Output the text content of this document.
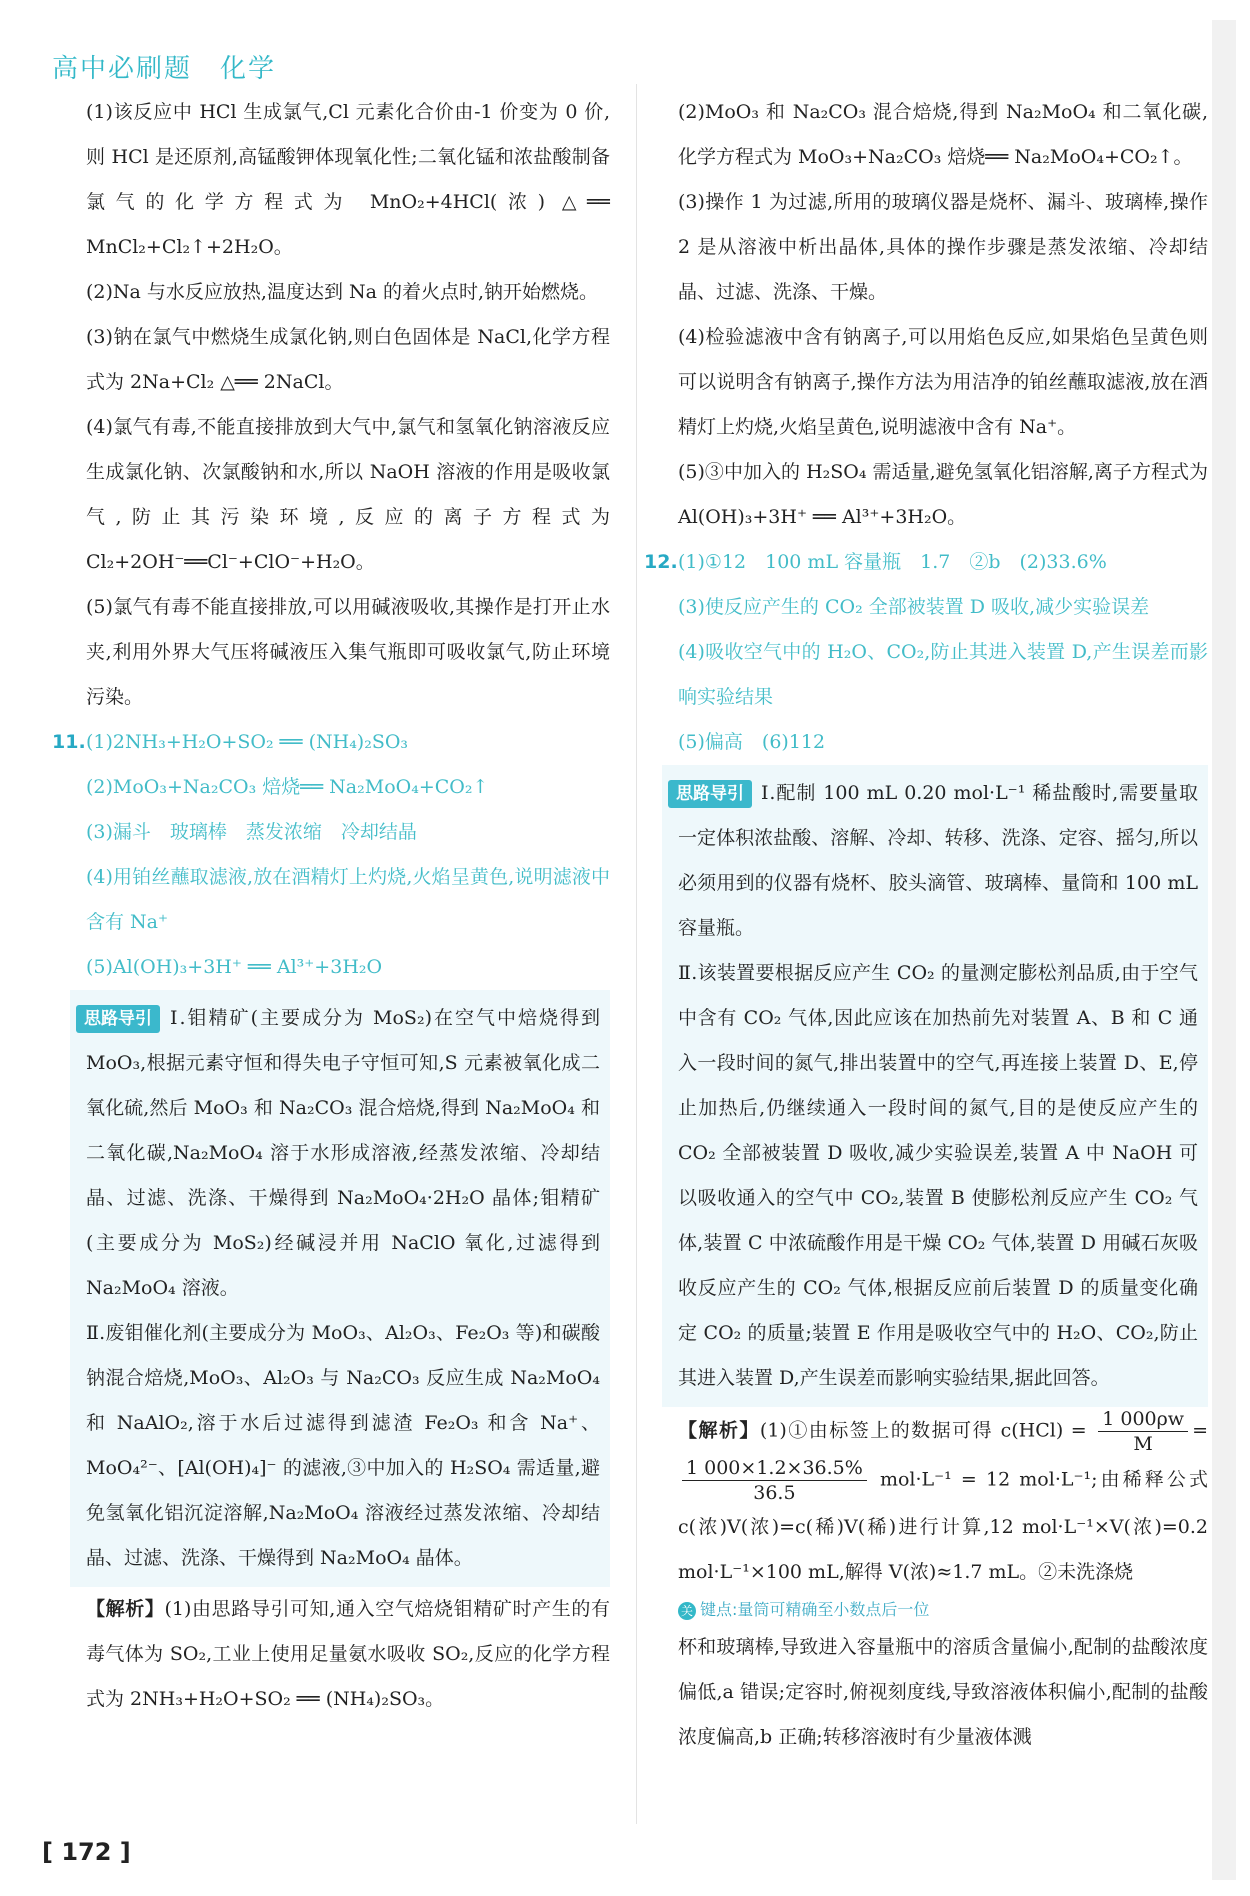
高中必刷题　化学

(1)该反应中 HCl 生成氯气,Cl 元素化合价由-1 价变为 0 价,则 HCl 是还原剂,高锰酸钾体现氧化性;二氧化锰和浓盐酸制备氯气的化学方程式为 MnO₂+4HCl(浓) △══ MnCl₂+Cl₂↑+2H₂O。

(2)Na 与水反应放热,温度达到 Na 的着火点时,钠开始燃烧。

(3)钠在氯气中燃烧生成氯化钠,则白色固体是 NaCl,化学方程式为 2Na+Cl₂ △══ 2NaCl。

(4)氯气有毒,不能直接排放到大气中,氯气和氢氧化钠溶液反应生成氯化钠、次氯酸钠和水,所以 NaOH 溶液的作用是吸收氯气,防止其污染环境,反应的离子方程式为 Cl₂+2OH⁻══Cl⁻+ClO⁻+H₂O。

(5)氯气有毒不能直接排放,可以用碱液吸收,其操作是打开止水夹,利用外界大气压将碱液压入集气瓶即可吸收氯气,防止环境污染。

11.(1)2NH₃+H₂O+SO₂ ══ (NH₄)₂SO₃

(2)MoO₃+Na₂CO₃ 焙烧══ Na₂MoO₄+CO₂↑

(3)漏斗　玻璃棒　蒸发浓缩　冷却结晶

(4)用铂丝蘸取滤液,放在酒精灯上灼烧,火焰呈黄色,说明滤液中含有 Na⁺

(5)Al(OH)₃+3H⁺ ══ Al³⁺+3H₂O

思路导引 Ⅰ.钼精矿(主要成分为 MoS₂)在空气中焙烧得到 MoO₃,根据元素守恒和得失电子守恒可知,S 元素被氧化成二氧化硫,然后 MoO₃ 和 Na₂CO₃ 混合焙烧,得到 Na₂MoO₄ 和二氧化碳,Na₂MoO₄ 溶于水形成溶液,经蒸发浓缩、冷却结晶、过滤、洗涤、干燥得到 Na₂MoO₄·2H₂O 晶体;钼精矿(主要成分为 MoS₂)经碱浸并用 NaClO 氧化,过滤得到 Na₂MoO₄ 溶液。

Ⅱ.废钼催化剂(主要成分为 MoO₃、Al₂O₃、Fe₂O₃ 等)和碳酸钠混合焙烧,MoO₃、Al₂O₃ 与 Na₂CO₃ 反应生成 Na₂MoO₄ 和 NaAlO₂,溶于水后过滤得到滤渣 Fe₂O₃ 和含 Na⁺、MoO₄²⁻、[Al(OH)₄]⁻ 的滤液,③中加入的 H₂SO₄ 需适量,避免氢氧化铝沉淀溶解,Na₂MoO₄ 溶液经过蒸发浓缩、冷却结晶、过滤、洗涤、干燥得到 Na₂MoO₄ 晶体。

【解析】(1)由思路导引可知,通入空气焙烧钼精矿时产生的有毒气体为 SO₂,工业上使用足量氨水吸收 SO₂,反应的化学方程式为 2NH₃+H₂O+SO₂ ══ (NH₄)₂SO₃。

(2)MoO₃ 和 Na₂CO₃ 混合焙烧,得到 Na₂MoO₄ 和二氧化碳,化学方程式为 MoO₃+Na₂CO₃ 焙烧══ Na₂MoO₄+CO₂↑。

(3)操作 1 为过滤,所用的玻璃仪器是烧杯、漏斗、玻璃棒,操作 2 是从溶液中析出晶体,具体的操作步骤是蒸发浓缩、冷却结晶、过滤、洗涤、干燥。

(4)检验滤液中含有钠离子,可以用焰色反应,如果焰色呈黄色则可以说明含有钠离子,操作方法为用洁净的铂丝蘸取滤液,放在酒精灯上灼烧,火焰呈黄色,说明滤液中含有 Na⁺。

(5)③中加入的 H₂SO₄ 需适量,避免氢氧化铝溶解,离子方程式为 Al(OH)₃+3H⁺ ══ Al³⁺+3H₂O。

12.(1)①12　100 mL 容量瓶　1.7　②b　(2)33.6%

(3)使反应产生的 CO₂ 全部被装置 D 吸收,减少实验误差

(4)吸收空气中的 H₂O、CO₂,防止其进入装置 D,产生误差而影响实验结果

(5)偏高　(6)112

思路导引 Ⅰ.配制 100 mL 0.20 mol·L⁻¹ 稀盐酸时,需要量取一定体积浓盐酸、溶解、冷却、转移、洗涤、定容、摇匀,所以必须用到的仪器有烧杯、胶头滴管、玻璃棒、量筒和 100 mL 容量瓶。

Ⅱ.该装置要根据反应产生 CO₂ 的量测定膨松剂品质,由于空气中含有 CO₂ 气体,因此应该在加热前先对装置 A、B 和 C 通入一段时间的氮气,排出装置中的空气,再连接上装置 D、E,停止加热后,仍继续通入一段时间的氮气,目的是使反应产生的 CO₂ 全部被装置 D 吸收,减少实验误差,装置 A 中 NaOH 可以吸收通入的空气中 CO₂,装置 B 使膨松剂反应产生 CO₂ 气体,装置 C 中浓硫酸作用是干燥 CO₂ 气体,装置 D 用碱石灰吸收反应产生的 CO₂ 气体,根据反应前后装置 D 的质量变化确定 CO₂ 的质量;装置 E 作用是吸收空气中的 H₂O、CO₂,防止其进入装置 D,产生误差而影响实验结果,据此回答。

【解析】(1)①由标签上的数据可得 $c(HCl) = \frac{1 000\rho w}{M}$ =
$\frac{1 000\times 1.2\times 36.5\%}{36.5} mol\cdot L^{-1} = 12$ mol·L⁻¹;由稀释公式 c(浓)V(浓)=c(稀)V(稀)进行计算,12 mol·L⁻¹×V(浓)=0.2 mol·L⁻¹×100 mL,解得 V(浓)≈1.7 mL。②未洗涤烧

关 键点:量筒可精确至小数点后一位

杯和玻璃棒,导致进入容量瓶中的溶质含量偏小,配制的盐酸浓度偏低,a 错误;定容时,俯视刻度线,导致溶液体积偏小,配制的盐酸浓度偏高,b 正确;转移溶液时有少量液体溅

[ 172 ]
